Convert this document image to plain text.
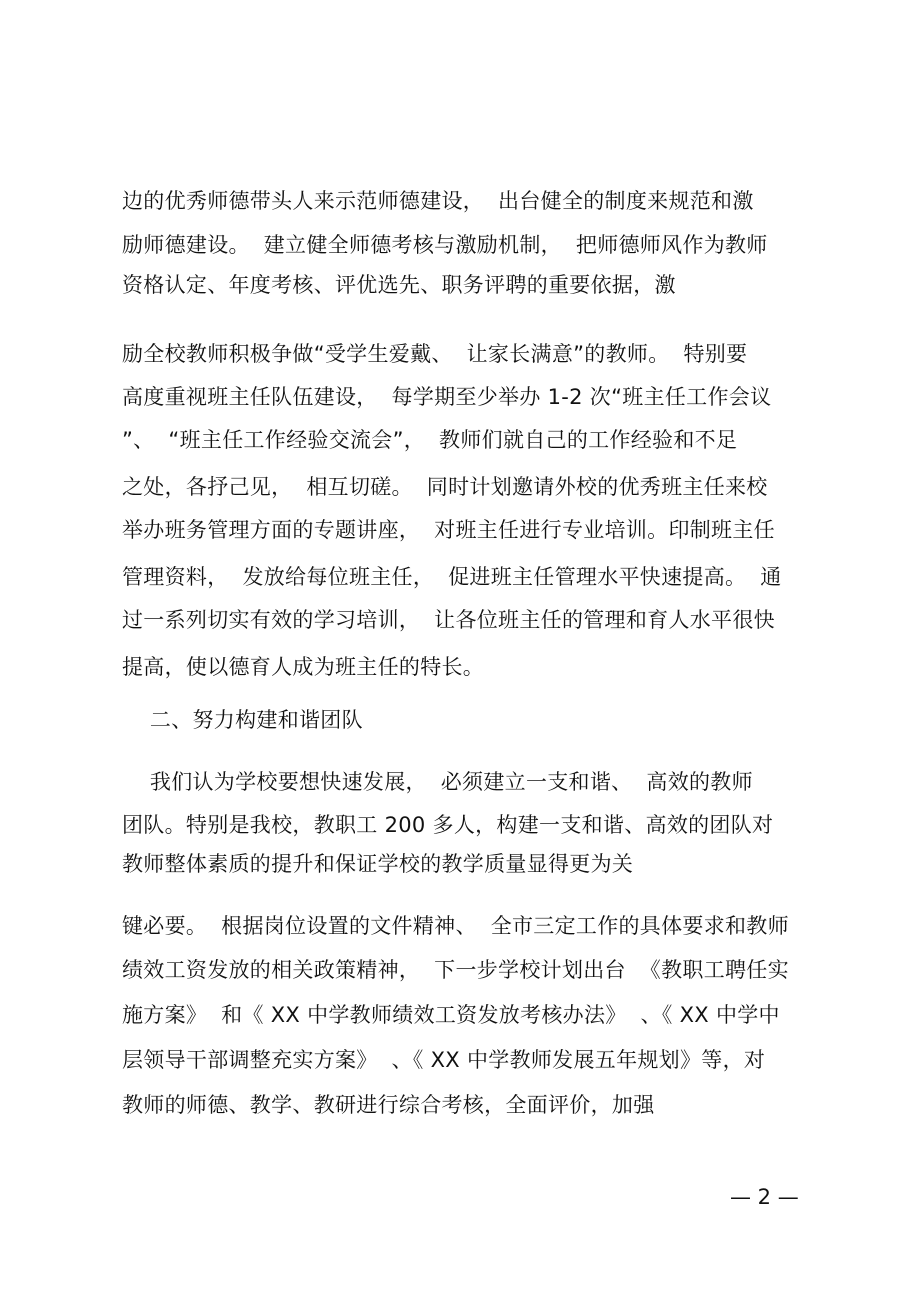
边的优秀师德带头人来示范师德建设，  出台健全的制度来规范和激
励师德建设。  建立健全师德考核与激励机制，  把师德师风作为教师
资格认定、年度考核、评优选先、职务评聘的重要依据，激
励全校教师积极争做“受学生爱戴、  让家长满意”的教师。  特别要
高度重视班主任队伍建设，  每学期至少举办 1-2 次“班主任工作会议
”、  “班主任工作经验交流会”，  教师们就自己的工作经验和不足
之处，各抒己见，  相互切磋。  同时计划邀请外校的优秀班主任来校
举办班务管理方面的专题讲座，  对班主任进行专业培训。印制班主任
管理资料，  发放给每位班主任，  促进班主任管理水平快速提高。  通
过一系列切实有效的学习培训，  让各位班主任的管理和育人水平很快
提高，使以德育人成为班主任的特长。
二、努力构建和谐团队
我们认为学校要想快速发展，  必须建立一支和谐、  高效的教师
团队。特别是我校，教职工 200 多人，构建一支和谐、高效的团队对
教师整体素质的提升和保证学校的教学质量显得更为关
键必要。  根据岗位设置的文件精神、  全市三定工作的具体要求和教师
绩效工资发放的相关政策精神，  下一步学校计划出台  《教职工聘任实
施方案》  和《 XX 中学教师绩效工资发放考核办法》  、《 XX 中学中
层领导干部调整充实方案》  、《 XX 中学教师发展五年规划》等，对
教师的师德、教学、教研进行综合考核，全面评价，加强
— 2 —
